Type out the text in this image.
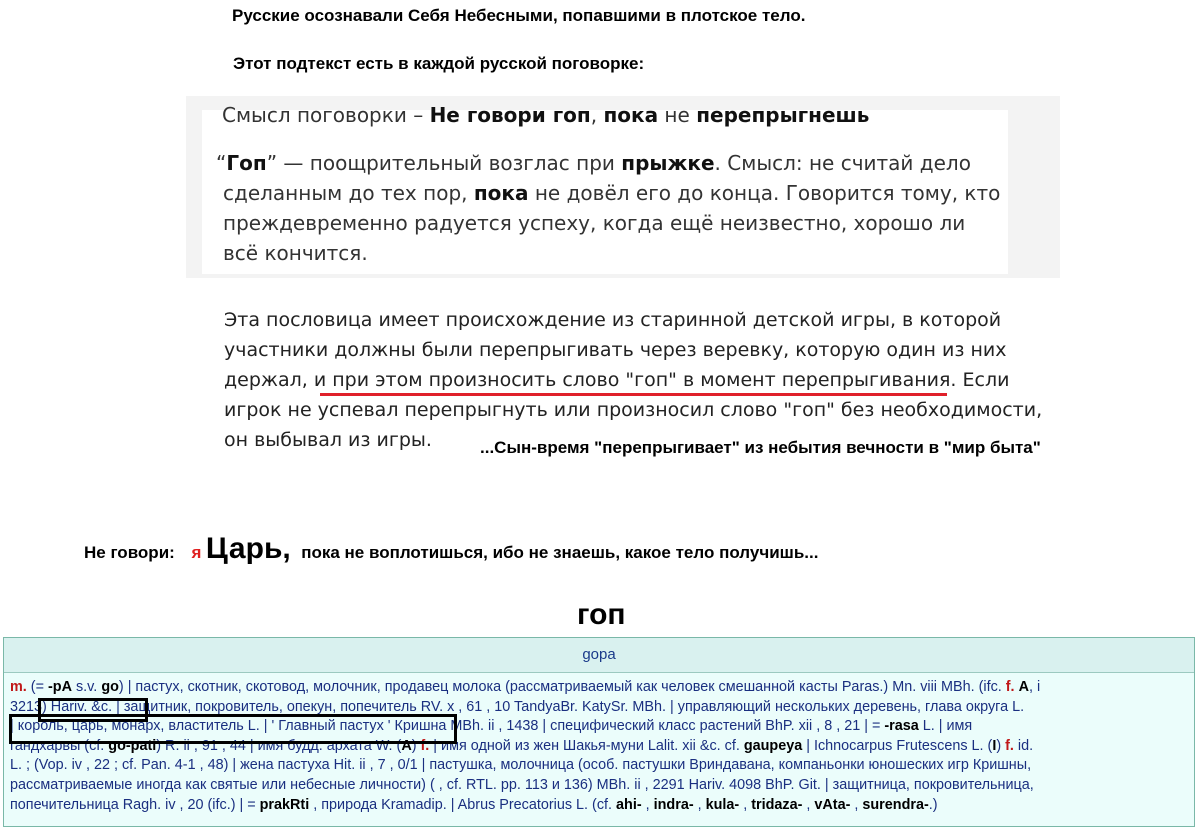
Русские осознавали Себя Небесными, попавшими в плотское тело.
Этот подтекст есть в каждой русской поговорке:
Смысл поговорки – Не говори гоп, пока не перепрыгнешь
“Гоп” — поощрительный возглас при прыжке. Смысл: не считай дело
сделанным до тех пор, пока не довёл его до конца. Говорится тому, кто
преждевременно радуется успеху, когда ещё неизвестно, хорошо ли
всё кончится.
Эта пословица имеет происхождение из старинной детской игры, в которой
участники должны были перепрыгивать через веревку, которую один из них
держал, и при этом произносить слово "гоп" в момент перепрыгивания. Если
игрок не успевал перепрыгнуть или произносил слово "гоп" без необходимости,
он выбывал из игры.	...Сын-время "перепрыгивает" из небытия вечности в "мир быта"
Не говори: я Царь, пока не воплотишься, ибо не знаешь, какое тело получишь...
гоп
gopa
m. (= -pA s.v. go) | пастух, скотник, скотовод, молочник, продавец молока (рассматриваемый как человек смешанной касты Paras.) Mn. viii MBh. (ifc. f. A, i
3213) Hariv. &c. | защитник, покровитель, опекун, попечитель RV. x , 61 , 10 TandyaBr. KatySr. MBh. | управляющий нескольких деревень, глава округа L.
| король, царь, монарх, властитель L. | ' Главный пастух ' Кришна MBh. ii , 1438 | специфический класс растений BhP. xii , 8 , 21 | = -rasa L. | имя
гандхарвы (cf. go-pati) R. ii , 91 , 44 | имя будд. архата W. (A) f. | имя одной из жен Шакья-муни Lalit. xii &c. cf. gaupeya | Ichnocarpus Frutescens L. (I) f. id.
L. ; (Vop. iv , 22 ; cf. Pan. 4-1 , 48) | жена пастуха Hit. ii , 7 , 0/1 | пастушка, молочница (особ. пастушки Вриндавана, компаньонки юношеских игр Кришны,
рассматриваемые иногда как святые или небесные личности) ( , cf. RTL. pp. 113 и 136) MBh. ii , 2291 Hariv. 4098 BhP. Git. | защитница, покровительница,
попечительница Ragh. iv , 20 (ifc.) | = prakRti , природа Kramadip. | Abrus Precatorius L. (cf. ahi- , indra- , kula- , tridaza- , vAta- , surendra-.)
